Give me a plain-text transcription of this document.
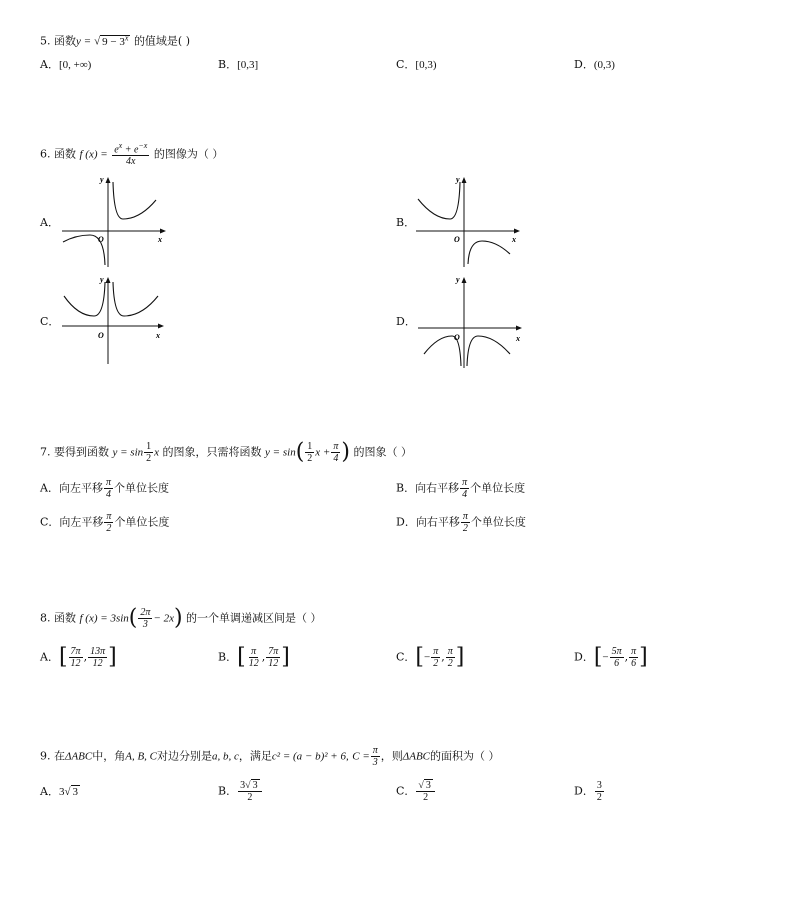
5. 函数y = √ $9 - 3^x$ 的值域是( )
A．[0, +∞)	B．[0,3]	C．[0,3)	D．(0,3)
6. 函数 f $(x) = \frac{e^x + e^{-x}}{4x}$ 的图像为（ ）
A．	B．
C．	D．
x
y
O	x
y
O
x
y
O	x
y
O
7. 要得到函数 $y = \sin \frac{1}{2}$ x 的图象，只需将函数 $y = \sin( \frac{1}{2}$ $x + \frac{\pi}{4}$ ) 的图象（ ）
A．向左平移 $\frac{\pi}{4}$ 个单位长度	B．向右平移 $\frac{\pi}{4}$ 个单位长度
C．向左平移 $\frac{\pi}{2}$ 个单位长度	D．向右平移 $\frac{\pi}{2}$ 个单位长度
8. 函数 f $(x) = 3\sin( \frac{2\pi}{3} - 2x)$ 的一个单调递减区间是（ ）
A．[ $\frac{7\pi}{12}$ , $\frac{13\pi}{12}$ ]	B．[ $\frac{\pi}{12}$ , $\frac{7\pi}{12}$ ]	C．[− $\frac{\pi}{2}$ , $\frac{\pi}{2}$ ]	D．[− $\frac{5\pi}{6}$ , $\frac{\pi}{6}$ ]
9. 在ΔABC中，角A, B, C对边分别是a, b, c，满足c² = (a − b)² + 6, $C = \frac{\pi}{3}$ ，则ΔABC的面积为（ ）
A．3√ 3	B． $\frac{3√ 3}{2}$	C． $\frac{√ 3}{2}$	D． $\frac{3}{2}$
